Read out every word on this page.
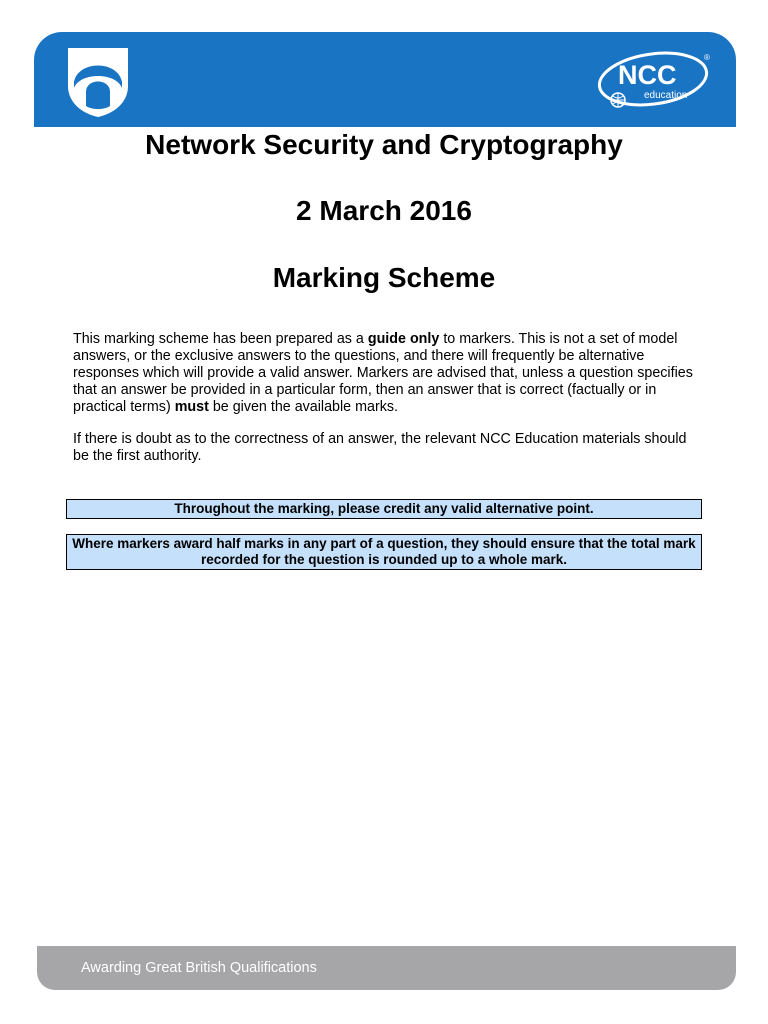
NCC
education
®
Network Security and Cryptography
2 March 2016
Marking Scheme

This marking scheme has been prepared as a guide only to markers. This is not a set of model answers, or the exclusive answers to the questions, and there will frequently be alternative responses which will provide a valid answer. Markers are advised that, unless a question specifies that an answer be provided in a particular form, then an answer that is correct (factually or in practical terms) must be given the available marks.

If there is doubt as to the correctness of an answer, the relevant NCC Education materials should be the first authority.

Throughout the marking, please credit any valid alternative point.
Where markers award half marks in any part of a question, they should ensure that the total mark recorded for the question is rounded up to a whole mark.
Awarding Great British Qualifications
